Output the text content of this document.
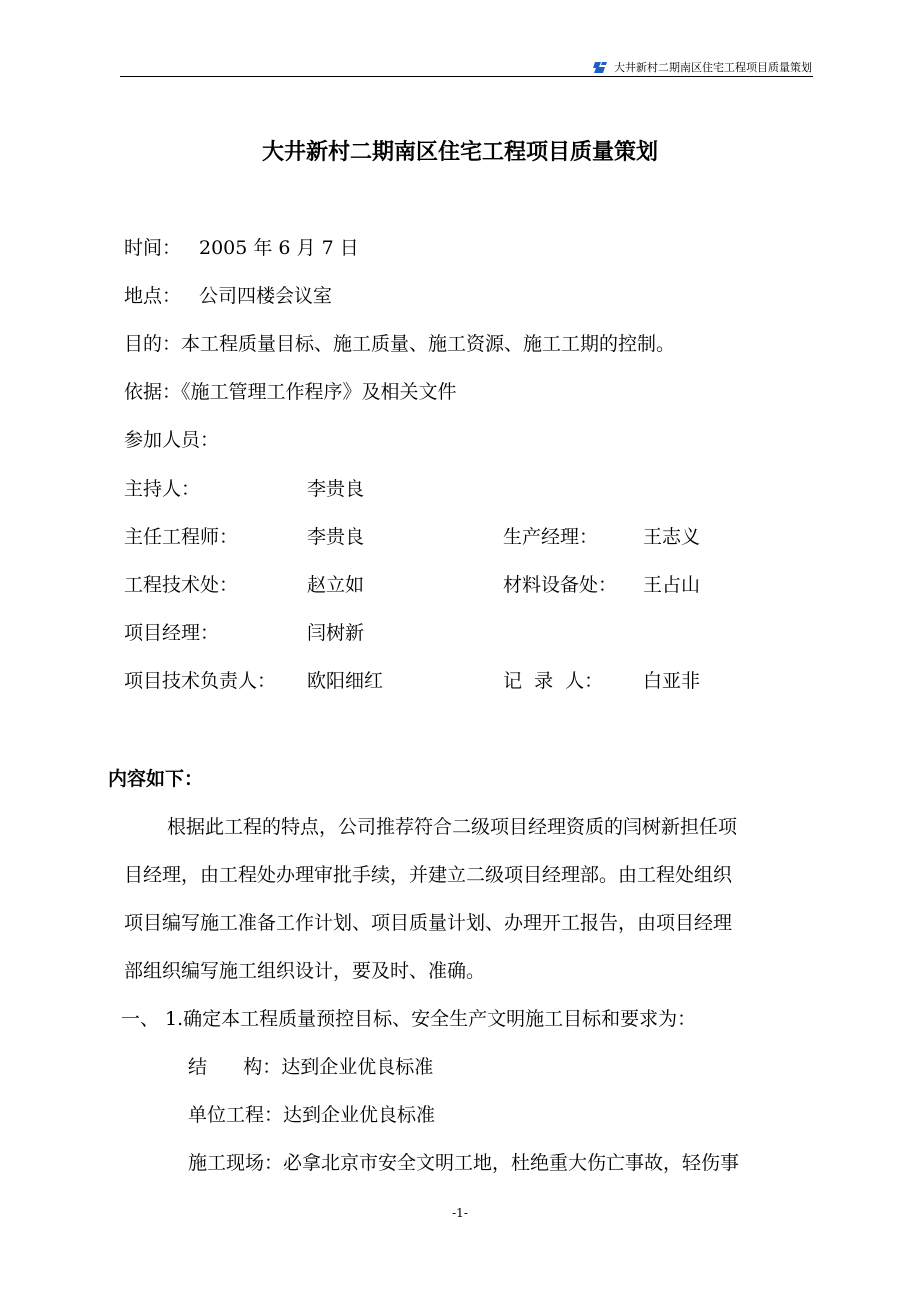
大井新村二期南区住宅工程项目质量策划
大井新村二期南区住宅工程项目质量策划
时间： 2005 年 6 月 7 日
地点： 公司四楼会议室
目的：本工程质量目标、施工质量、施工资源、施工工期的控制。
依据：《施工管理工作程序》及相关文件
参加人员：
主持人：	李贵良
主任工程师：	李贵良	生产经理： 王志义
工程技术处：	赵立如	材料设备处： 王占山
项目经理：	闫树新
项目技术负责人： 欧阳细红	记  录  人： 白亚非
内容如下：
根据此工程的特点，公司推荐符合二级项目经理资质的闫树新担任项
目经理，由工程处办理审批手续，并建立二级项目经理部。由工程处组织
项目编写施工准备工作计划、项目质量计划、办理开工报告，由项目经理
部组织编写施工组织设计，要及时、准确。
一、 1.确定本工程质量预控目标、安全生产文明施工目标和要求为：
结      构：达到企业优良标准
单位工程：达到企业优良标准
施工现场：必拿北京市安全文明工地，杜绝重大伤亡事故，轻伤事
-1-
